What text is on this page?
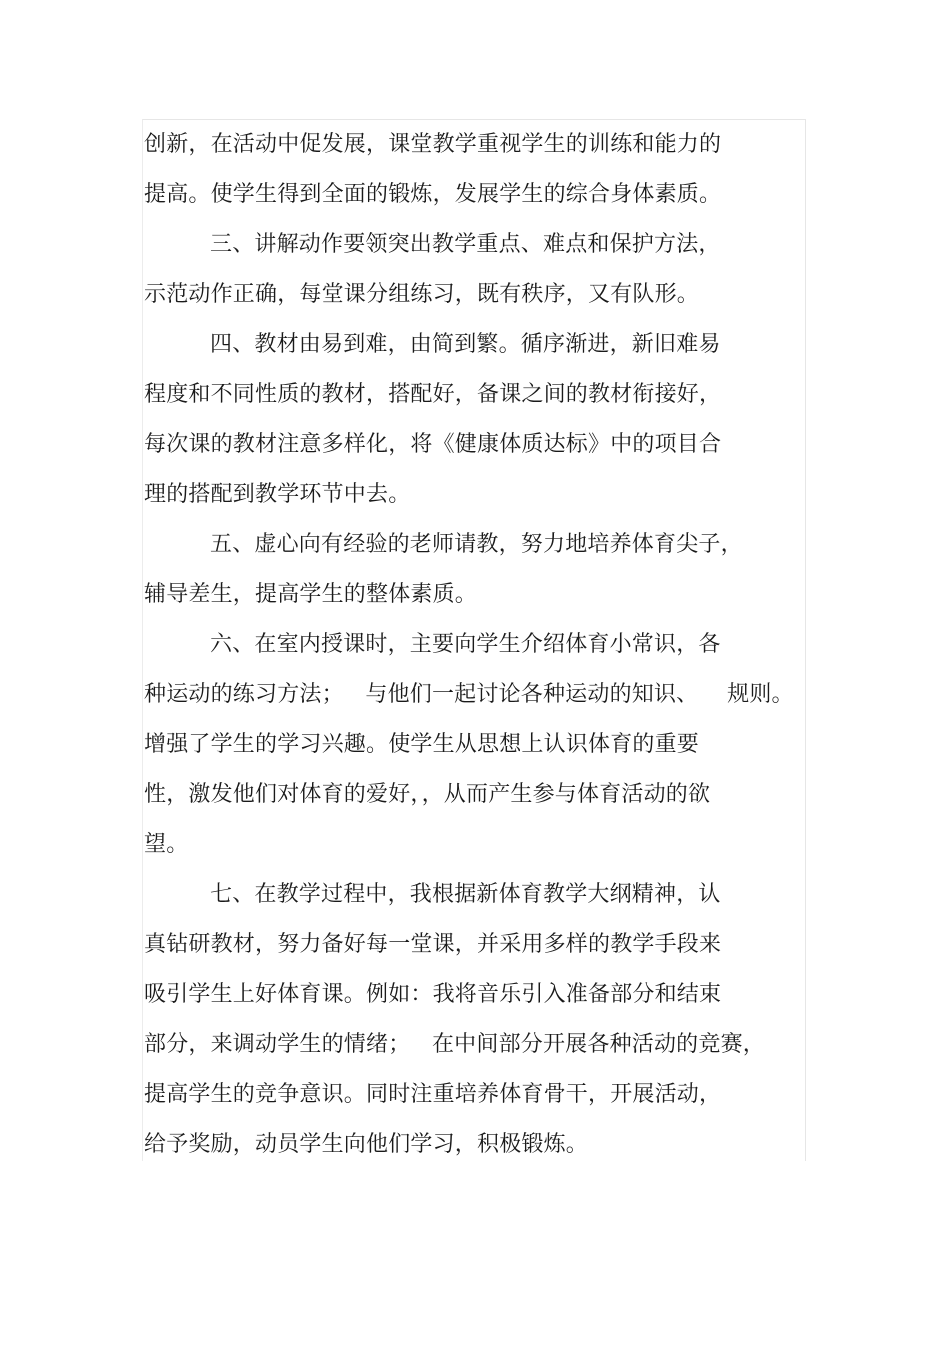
创新，在活动中促发展，课堂教学重视学生的训练和能力的
提高。使学生得到全面的锻炼，发展学生的综合身体素质。
三、讲解动作要领突出教学重点、难点和保护方法，
示范动作正确，每堂课分组练习，既有秩序，又有队形。
四、教材由易到难，由简到繁。循序渐进，新旧难易
程度和不同性质的教材，搭配好，备课之间的教材衔接好，
每次课的教材注意多样化，将《健康体质达标》中的项目合
理的搭配到教学环节中去。
五、虚心向有经验的老师请教，努力地培养体育尖子，
辅导差生，提高学生的整体素质。
六、在室内授课时，主要向学生介绍体育小常识，各
种运动的练习方法；   与他们一起讨论各种运动的知识、    规则。
增强了学生的学习兴趣。使学生从思想上认识体育的重要
性，激发他们对体育的爱好，，从而产生参与体育活动的欲
望。
七、在教学过程中，我根据新体育教学大纲精神，认
真钻研教材，努力备好每一堂课，并采用多样的教学手段来
吸引学生上好体育课。例如：我将音乐引入准备部分和结束
部分，来调动学生的情绪；   在中间部分开展各种活动的竞赛，
提高学生的竞争意识。同时注重培养体育骨干，开展活动，
给予奖励，动员学生向他们学习，积极锻炼。
